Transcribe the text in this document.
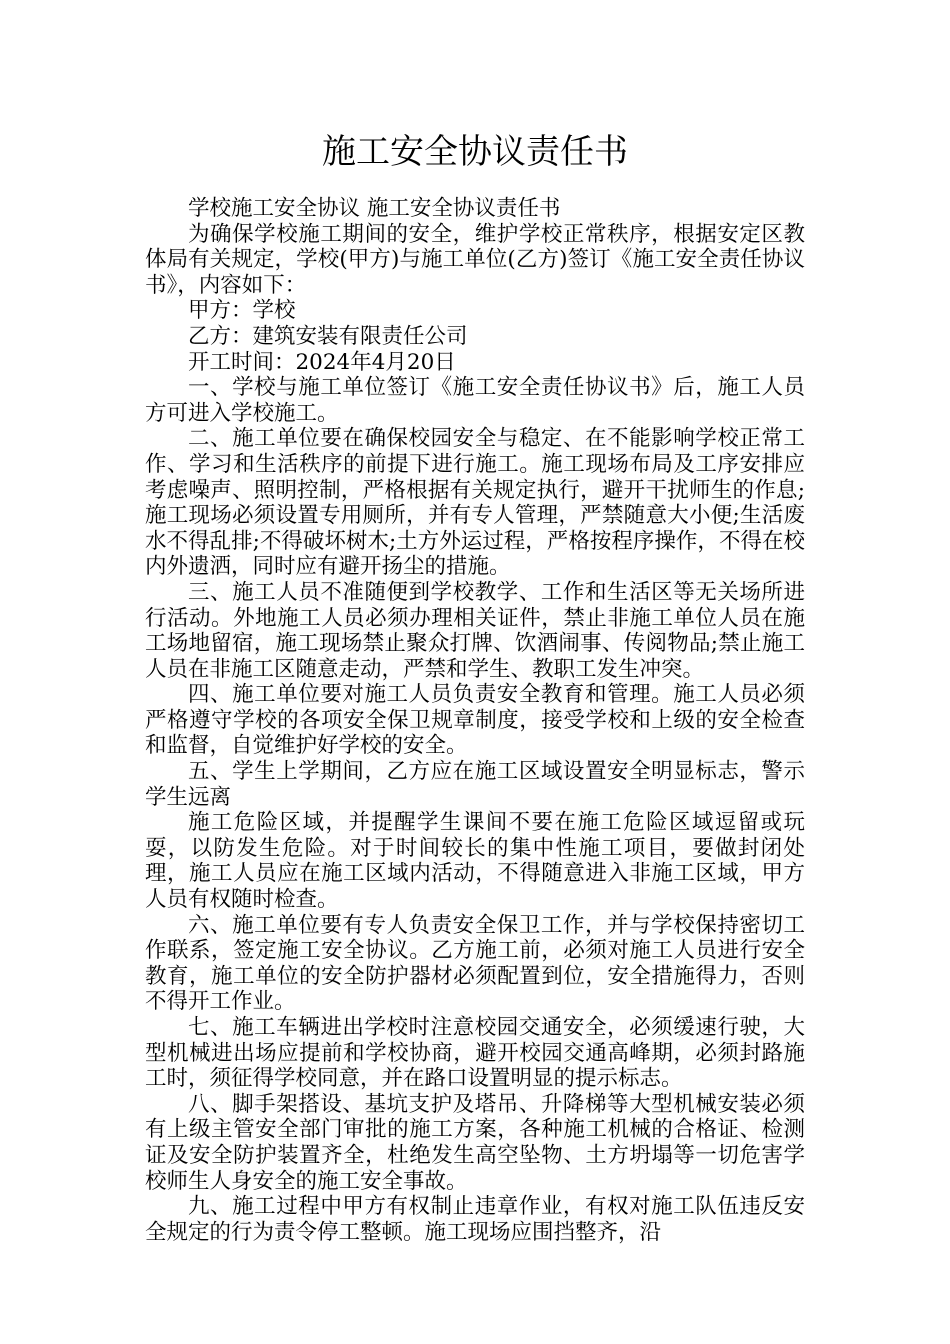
施工安全协议责任书

学校施工安全协议 施工安全协议责任书

为确保学校施工期间的安全，维护学校正常秩序，根据安定区教体局有关规定，学校(甲方)与施工单位(乙方)签订《施工安全责任协议书》，内容如下：

甲方：学校

乙方：建筑安装有限责任公司

开工时间：2024年4月20日

一、学校与施工单位签订《施工安全责任协议书》后，施工人员方可进入学校施工。

二、施工单位要在确保校园安全与稳定、在不能影响学校正常工作、学习和生活秩序的前提下进行施工。施工现场布局及工序安排应考虑噪声、照明控制，严格根据有关规定执行，避开干扰师生的作息;施工现场必须设置专用厕所，并有专人管理，严禁随意大小便;生活废水不得乱排;不得破坏树木;土方外运过程，严格按程序操作，不得在校内外遗洒，同时应有避开扬尘的措施。

三、施工人员不准随便到学校教学、工作和生活区等无关场所进行活动。外地施工人员必须办理相关证件，禁止非施工单位人员在施工场地留宿，施工现场禁止聚众打牌、饮酒闹事、传阅物品;禁止施工人员在非施工区随意走动，严禁和学生、教职工发生冲突。

四、施工单位要对施工人员负责安全教育和管理。施工人员必须严格遵守学校的各项安全保卫规章制度，接受学校和上级的安全检查和监督，自觉维护好学校的安全。

五、学生上学期间，乙方应在施工区域设置安全明显标志，警示学生远离

施工危险区域，并提醒学生课间不要在施工危险区域逗留或玩耍，以防发生危险。对于时间较长的集中性施工项目，要做封闭处理，施工人员应在施工区域内活动，不得随意进入非施工区域，甲方人员有权随时检查。

六、施工单位要有专人负责安全保卫工作，并与学校保持密切工作联系，签定施工安全协议。乙方施工前，必须对施工人员进行安全教育，施工单位的安全防护器材必须配置到位，安全措施得力，否则不得开工作业。

七、施工车辆进出学校时注意校园交通安全，必须缓速行驶，大型机械进出场应提前和学校协商，避开校园交通高峰期，必须封路施工时，须征得学校同意，并在路口设置明显的提示标志。

八、脚手架搭设、基坑支护及塔吊、升降梯等大型机械安装必须有上级主管安全部门审批的施工方案，各种施工机械的合格证、检测证及安全防护装置齐全，杜绝发生高空坠物、土方坍塌等一切危害学校师生人身安全的施工安全事故。

九、施工过程中甲方有权制止违章作业，有权对施工队伍违反安全规定的行为责令停工整顿。施工现场应围挡整齐，沿
